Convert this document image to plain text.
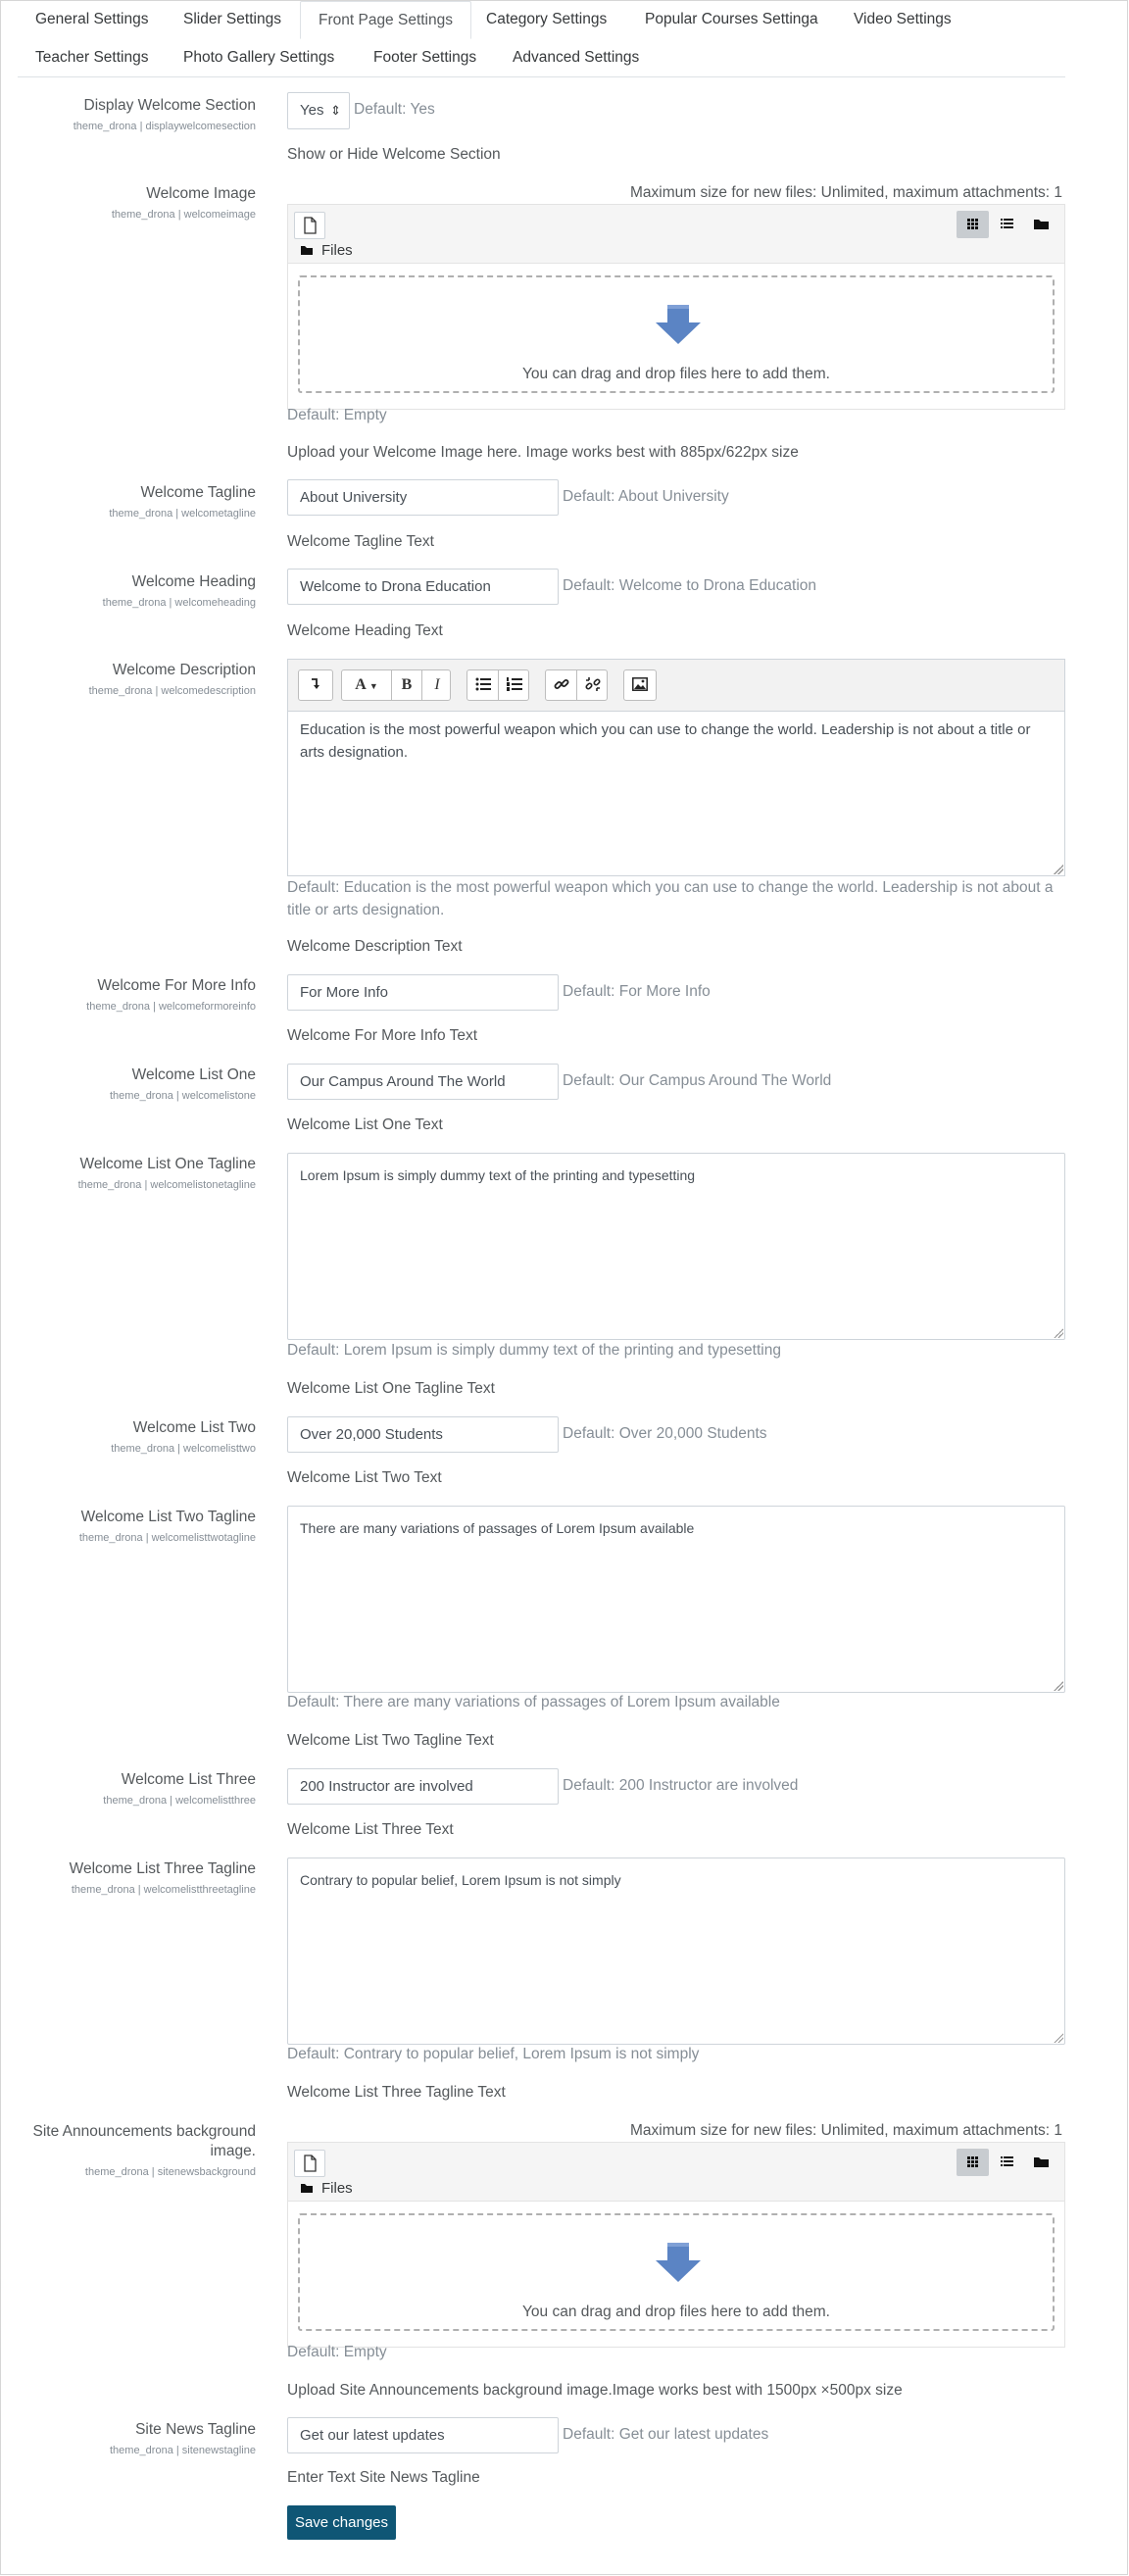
General Settings	Slider Settings	Front Page Settings	Category Settings	Popular Courses Settinga	Video Settings
Teacher Settings	Photo Gallery Settings	Footer Settings	Advanced Settings
Display Welcome Section
theme_drona | displaywelcomesection
Yes ⇕ Default: Yes
Show or Hide Welcome Section
Welcome Image
theme_drona | welcomeimage
Maximum size for new files: Unlimited, maximum attachments: 1
Files
You can drag and drop files here to add them.
Default: Empty
Upload your Welcome Image here. Image works best with 885px/622px size
Welcome Tagline
theme_drona | welcometagline
About University	Default: About University
Welcome Tagline Text
Welcome Heading
theme_drona | welcomeheading
Welcome to Drona Education	Default: Welcome to Drona Education
Welcome Heading Text
Welcome Description
theme_drona | welcomedescription	A ▼	B	I
Education is the most powerful weapon which you can use to change the world. Leadership is not about a title or arts designation.
Default: Education is the most powerful weapon which you can use to change the world. Leadership is not about a title or arts designation.
Welcome Description Text
Welcome For More Info
theme_drona | welcomeformoreinfo
For More Info	Default: For More Info
Welcome For More Info Text
Welcome List One
theme_drona | welcomelistone
Our Campus Around The World	Default: Our Campus Around The World
Welcome List One Text
Welcome List One Tagline
theme_drona | welcomelistonetagline
Lorem Ipsum is simply dummy text of the printing and typesetting
Default: Lorem Ipsum is simply dummy text of the printing and typesetting
Welcome List One Tagline Text
Welcome List Two
theme_drona | welcomelisttwo
Over 20,000 Students	Default: Over 20,000 Students
Welcome List Two Text
Welcome List Two Tagline
theme_drona | welcomelisttwotagline
There are many variations of passages of Lorem Ipsum available
Default: There are many variations of passages of Lorem Ipsum available
Welcome List Two Tagline Text
Welcome List Three
theme_drona | welcomelistthree
200 Instructor are involved	Default: 200 Instructor are involved
Welcome List Three Text
Welcome List Three Tagline
theme_drona | welcomelistthreetagline
Contrary to popular belief, Lorem Ipsum is not simply
Default: Contrary to popular belief, Lorem Ipsum is not simply
Welcome List Three Tagline Text
Site Announcements background image.
theme_drona | sitenewsbackground
Maximum size for new files: Unlimited, maximum attachments: 1
Files
You can drag and drop files here to add them.
Default: Empty
Upload Site Announcements background image.Image works best with 1500px ×500px size
Site News Tagline
theme_drona | sitenewstagline
Get our latest updates	Default: Get our latest updates
Enter Text Site News Tagline
Save changes
